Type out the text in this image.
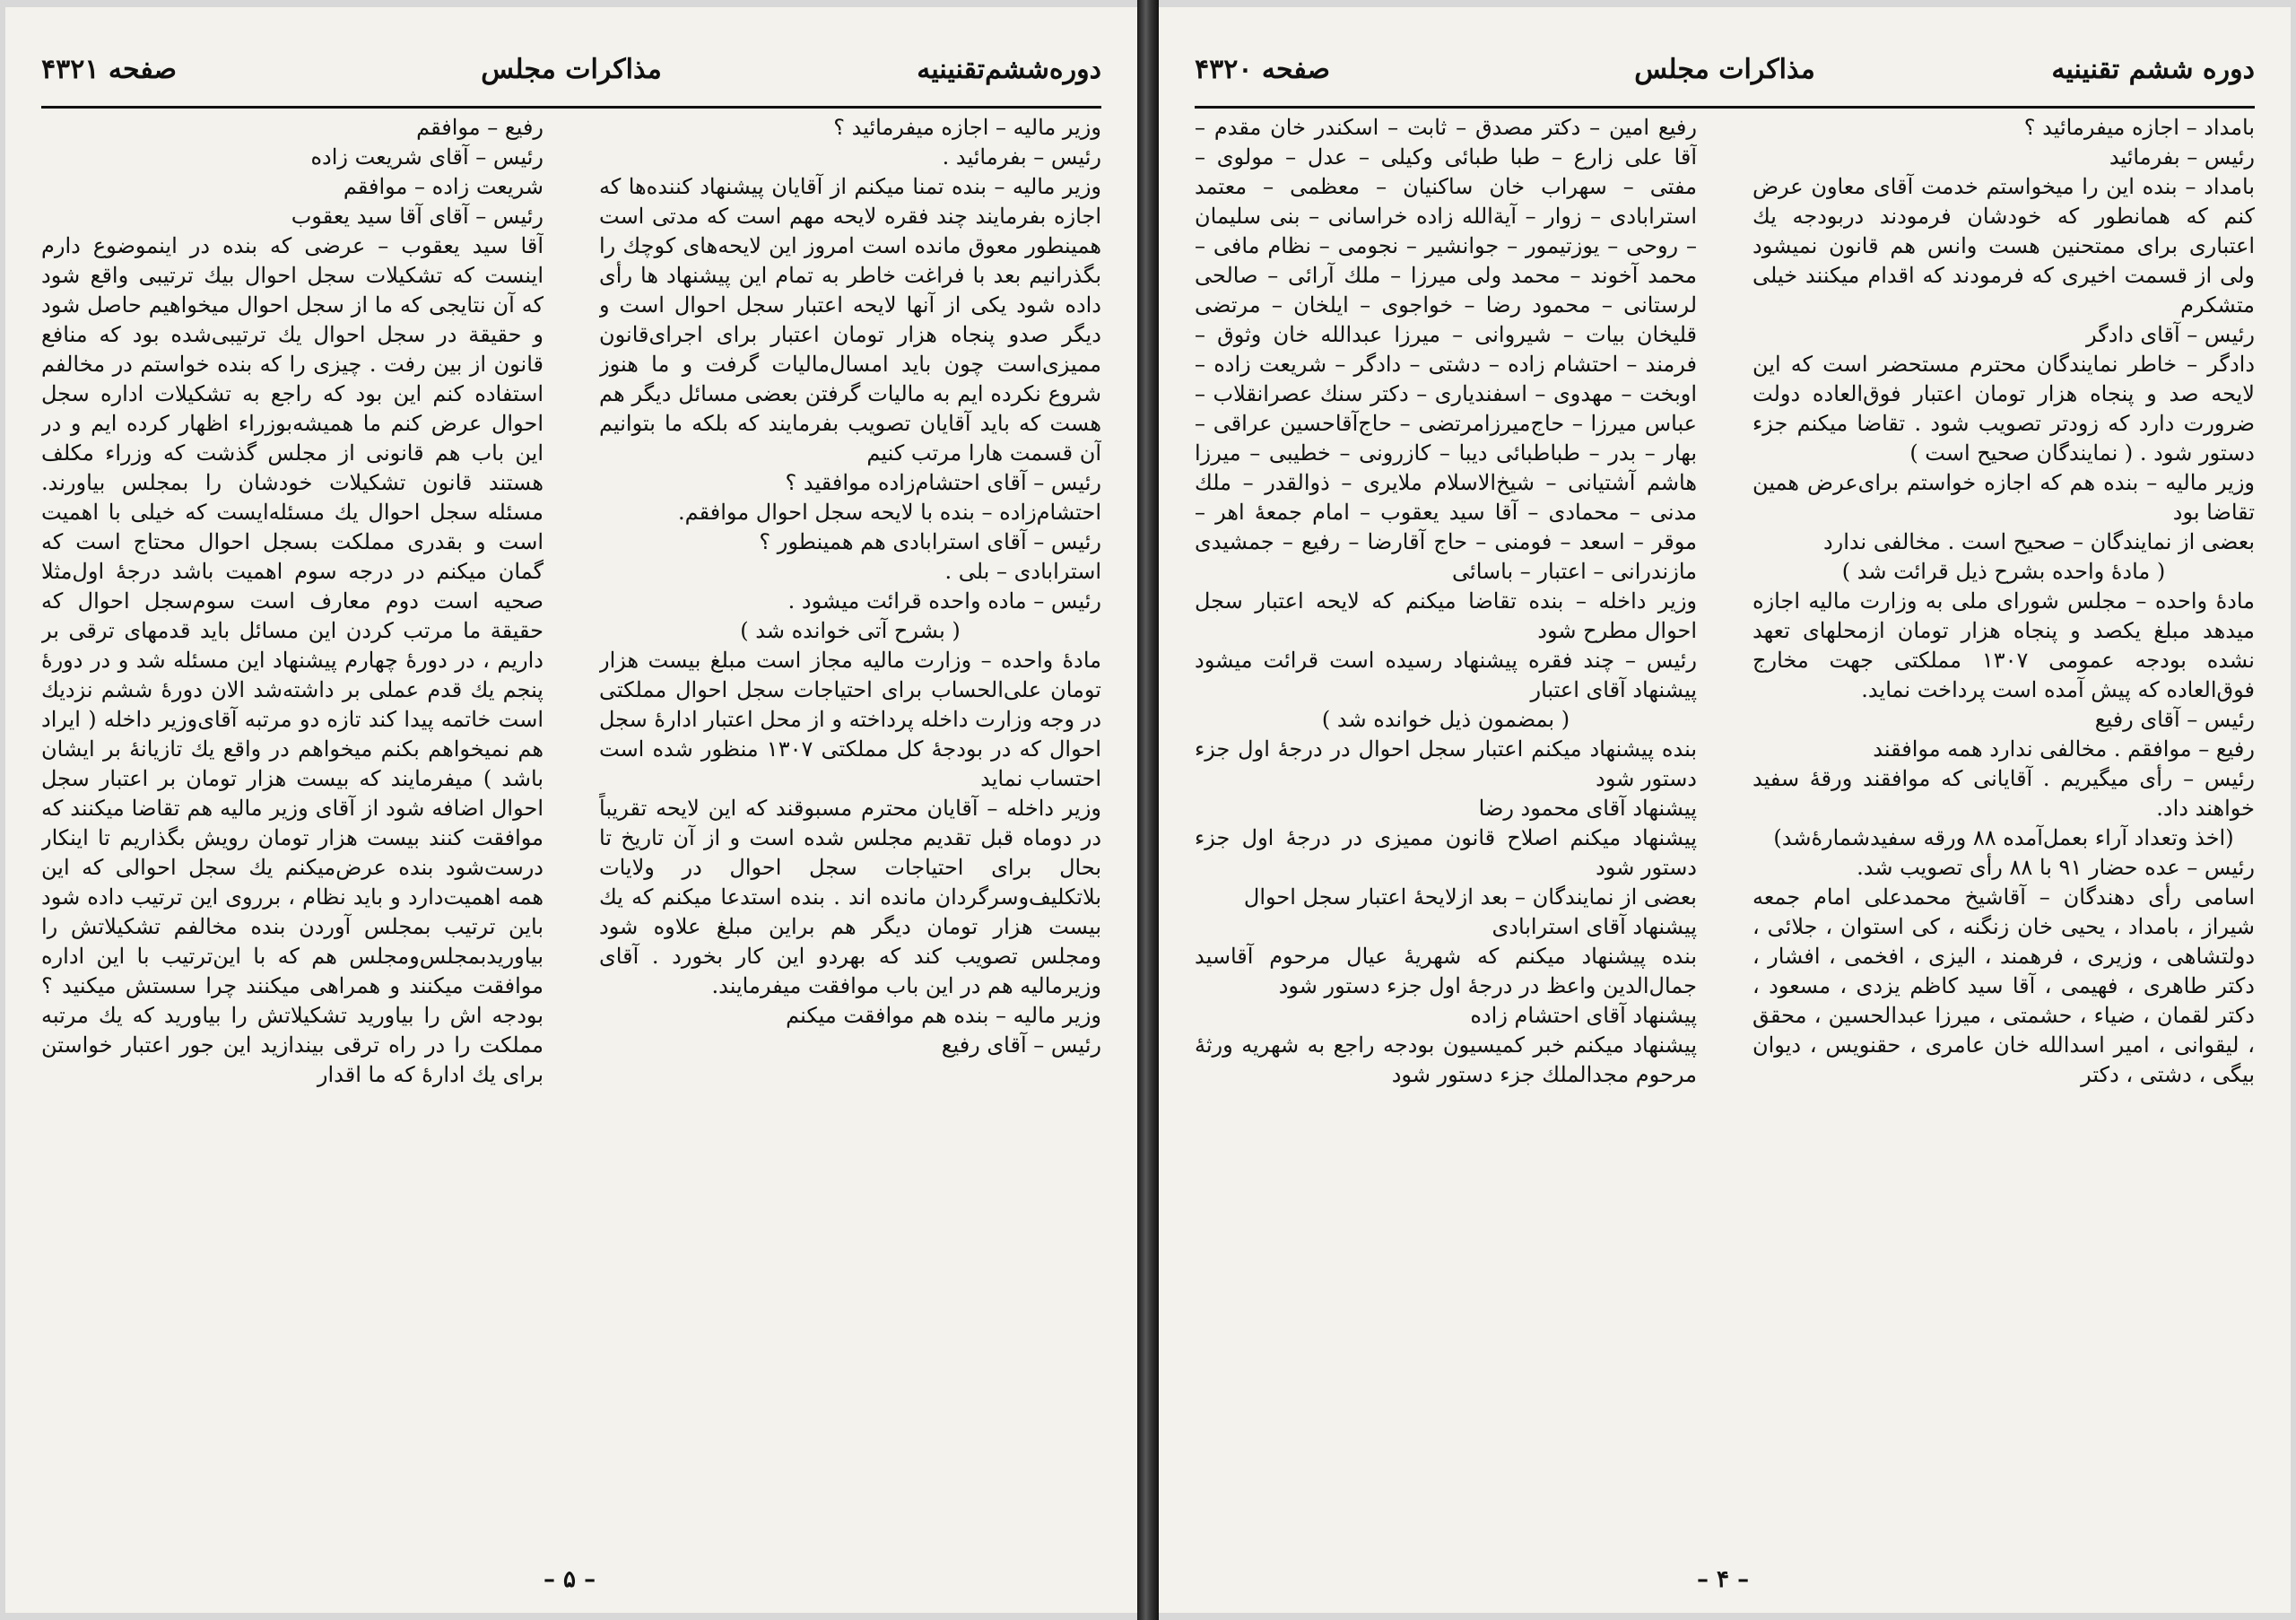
دوره‌ششم‌تقنینیه
مذاکرات مجلس
صفحه ۴۳۲۱

وزیر مالیه – اجازه میفرمائید ؟

رئیس – بفرمائید .

وزیر مالیه – بنده تمنا میکنم از آقایان پیشنهاد کننده‌ها که اجازه بفرمایند چند فقره لایحه مهم است که مدتی است همینطور معوق مانده است امروز این لایحه‌های کوچك را بگذرانیم بعد با فراغت خاطر به تمام این پیشنهاد ها رأی داده شود یکی از آنها لایحه اعتبار سجل احوال است و دیگر صدو پنجاه هزار تومان اعتبار برای اجرای‌قانون ممیزی‌است چون باید امسال‌مالیات گرفت و ما هنوز شروع نکرده ایم به مالیات گرفتن بعضی مسائل دیگر هم هست که باید آقایان تصویب بفرمایند که بلکه ما بتوانیم آن قسمت هارا مرتب کنیم

رئیس – آقای احتشام‌زاده موافقید ؟

احتشام‌زاده – بنده با لایحه سجل احوال موافقم.

رئیس – آقای استرابادی هم همینطور ؟

استرابادی – بلی .

رئیس – ماده واحده قرائت میشود .

( بشرح آتی خوانده شد )

مادهٔ واحده – وزارت مالیه مجاز است مبلغ بیست هزار تومان علی‌الحساب برای احتیاجات سجل احوال مملکتی در وجه وزارت داخله پرداخته و از محل اعتبار ادارهٔ سجل احوال که در بودجهٔ کل مملکتی ۱۳۰۷ منظور شده است احتساب نماید

وزیر داخله – آقایان محترم مسبوقند که این لایحه تقریباً در دوماه قبل تقدیم مجلس شده است و از آن تاریخ تا بحال برای احتیاجات سجل احوال در ولایات بلاتکلیف‌وسرگردان مانده اند . بنده استدعا میکنم که یك بیست هزار تومان دیگر هم براین مبلغ علاوه شود و‌مجلس تصویب کند که بهردو این کار بخورد . آقای وزیرمالیه هم در این باب موافقت میفرمایند.

وزیر مالیه – بنده هم موافقت میکنم

رئیس – آقای رفیع

رفیع – موافقم

رئیس – آقای شریعت زاده

شریعت زاده – موافقم

رئیس – آقای آقا سید یعقوب

آقا سید یعقوب – عرضی که بنده در اینموضوع دارم اینست که تشکیلات سجل احوال بیك ترتیبی واقع شود که آن نتایجی که ما از سجل احوال میخواهیم حاصل شود و حقیقة در سجل احوال یك ترتیبی‌شده بود که منافع قانون از بین رفت . چیزی را که بنده خواستم در مخالفم استفاده کنم این بود که راجع به تشکیلات اداره سجل احوال عرض کنم ما همیشه‌بوزراء اظهار کرده ایم و در این باب هم قانونی از مجلس گذشت که وزراء مکلف هستند قانون تشکیلات خودشان را بمجلس بیاورند. مسئله سجل احوال یك مسئله‌ایست که خیلی با اهمیت است و بقدری مملکت بسجل احوال محتاج است که گمان میکنم در درجه سوم اهمیت باشد درجهٔ اول‌مثلا صحیه است دوم معارف است سوم‌سجل احوال که حقیقة ما مرتب کردن این مسائل باید قدمهای ترقی بر داریم ، در دورهٔ چهارم پیشنهاد این مسئله شد و در دورهٔ پنجم یك قدم عملی بر داشته‌شد الان دورهٔ ششم نزدیك است خاتمه پیدا کند تازه دو مرتبه آقای‌وزیر داخله ( ایراد هم نمیخواهم بکنم میخواهم در واقع یك تازیانهٔ بر ایشان باشد ) میفرمایند که بیست هزار تومان بر اعتبار سجل احوال اضافه شود از آقای وزیر مالیه هم تقاضا میکنند که موافقت کنند بیست هزار تومان رویش بگذاریم تا اینکار درست‌شود بنده عرض‌میکنم یك سجل احوالی که این همه اهمیت‌دارد و باید نظام ، برروی این ترتیب داده شود باین ترتیب بمجلس آوردن بنده مخالفم تشکیلاتش را بیاورید‌بمجلس‌و‌مجلس هم که با این‌ترتیب با این اداره موافقت میکنند و همراهی میکنند چرا سستش میکنید ؟ بودجه اش را بیاورید تشکیلاتش را بیاورید که یك مرتبه مملکت را در راه ترقی بیندازید این جور اعتبار خواستن برای یك ادارهٔ که ما اقدار

– ۵ –
دوره ششم تقنینیه
مذاکرات مجلس
صفحه ۴۳۲۰

بامداد – اجازه میفرمائید ؟

رئیس – بفرمائید

بامداد – بنده این را میخواستم خدمت آقای معاون عرض کنم که همانطور که خودشان فرمودند دربودجه یك اعتباری برای ممتحنین هست وانس هم قانون نمیشود ولی از قسمت اخیری که فرمودند که اقدام میکنند خیلی متشکرم

رئیس – آقای دادگر

دادگر – خاطر نمایندگان محترم مستحضر است که این لایحه صد و پنجاه هزار تومان اعتبار فوق‌العاده دولت ضرورت دارد که زودتر تصویب شود . تقاضا میکنم جزء دستور شود . ( نمایندگان صحیح است )

وزیر مالیه – بنده هم که اجازه خواستم برای‌عرض همین تقاضا بود

بعضی از نمایندگان – صحیح است . مخالفی ندارد

( مادهٔ واحده بشرح ذیل قرائت شد )

مادهٔ واحده – مجلس شورای ملی به وزارت مالیه اجازه میدهد مبلغ یکصد و پنجاه هزار تومان ازمحلهای تعهد نشده بودجه عمومی ۱۳۰۷ مملکتی جهت مخارج فوق‌العاده که پیش آمده است پرداخت نماید.

رئیس – آقای رفیع

رفیع – موافقم . مخالفی ندارد همه موافقند

رئیس – رأی میگیریم . آقایانی که موافقند ورقهٔ سفید خواهند داد.

(اخذ و‌تعداد آراء بعمل‌آمده ۸۸ ورقه سفیدشمارهٔ‌شد)

رئیس – عده حضار ۹۱ با ۸۸ رأی تصویب شد.

اسامی رأی دهندگان – آقاشیخ محمدعلی امام جمعه شیراز ، بامداد ، یحیی خان زنگنه ، کی استوان ، جلائی ، دولتشاهی ، وزیری ، فرهمند ، الیزی ، افخمی ، افشار ، دکتر طاهری ، فهیمی ، آقا سید کاظم یزدی ، مسعود ، دکتر لقمان ، ضیاء ، حشمتی ، میرزا عبدالحسین ، محقق ، لیقوانی ، امیر اسدالله خان عامری ، حقنویس ، دیوان بیگی ، دشتی ، دکتر

رفیع امین – دکتر مصدق – ثابت – اسکندر خان مقدم – آقا علی زارع – طبا طبائی وکیلی – عدل – مولوی – مفتی – سهراب خان ساکنیان – معظمی – معتمد استرابادی – زوار – آیة‌الله زاده خراسانی – بنی سلیمان – روحی – یوزتیمور – جوانشیر – نجومی – نظام مافی – محمد آخوند – محمد ولی میرزا – ملك آرائی – صالحی لرستانی – محمود رضا – خواجوی – ایلخان – مرتضی قلیخان بیات – شیروانی – میرزا عبدالله خان وثوق – فرمند – احتشام زاده – دشتی – دادگر – شریعت زاده – اوبخت – مهدوی – اسفندیاری – دکتر سنك عصرانقلاب – عباس میرزا – حاج‌میرزامرتضی – حاج‌آقاحسین عراقی – بهار – بدر – طباطبائی دیبا – کازرونی – خطیبی – میرزا هاشم آشتیانی – شیخ‌الاسلام ملایری – ذوالقدر – ملك مدنی – محمادی – آقا سید یعقوب – امام جمعهٔ اهر – موقر – اسعد – فومنی – حاج آقارضا – رفیع – جمشیدی مازندرانی – اعتبار – باسائی

وزیر داخله – بنده تقاضا میکنم که لایحه اعتبار سجل احوال مطرح شود

رئیس – چند فقره پیشنهاد رسیده است قرائت میشود پیشنهاد آقای اعتبار

( بمضمون ذیل خوانده شد )

بنده پیشنهاد میکنم اعتبار سجل احوال در درجهٔ اول جزء دستور شود

پیشنهاد آقای محمود رضا

پیشنهاد میکنم اصلاح قانون ممیزی در درجهٔ اول جزء دستور شود

بعضی از نمایندگان – بعد ازلایحهٔ اعتبار سجل احوال

پیشنهاد آقای استرابادی

بنده پیشنهاد میکنم که شهریهٔ عیال مرحوم آقاسید جمال‌الدین واعظ در درجهٔ اول جزء دستور شود

پیشنهاد آقای احتشام زاده

پیشنهاد میکنم خبر کمیسیون بودجه راجع به شهریه ورثهٔ مرحوم مجدالملك جزء دستور شود

– ۴ –
